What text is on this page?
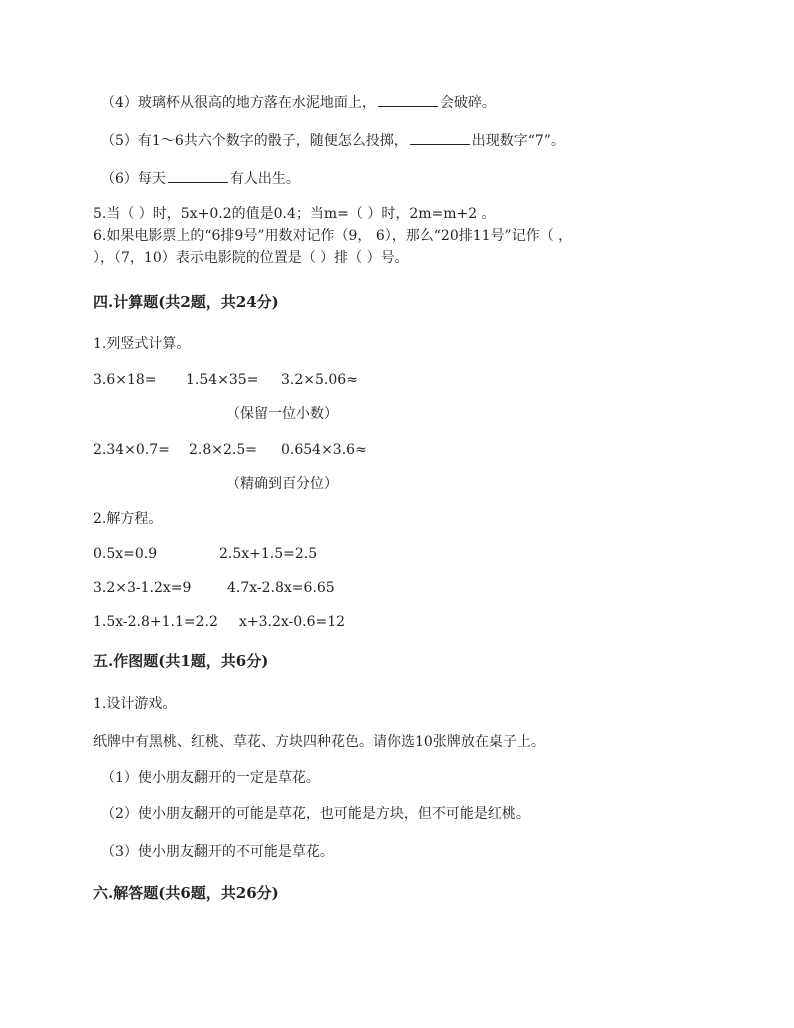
（4）玻璃杯从很高的地方落在水泥地面上，	会破碎。
（5）有1～6共六个数字的骰子，随便怎么投掷，	出现数字“7”。
（6）每天	有人出生。
5.当（ ）时，5x+0.2的值是0.4；当m=（ ）时，2m=m+2 。
6.如果电影票上的“6排9号”用数对记作（9， 6），那么“20排11号”记作（ ，
），（7，10）表示电影院的位置是（ ）排（ ）号。
四.计算题(共2题，共24分)
1.列竖式计算。
3.6×18= 1.54×35= 3.2×5.06≈
（保留一位小数）
2.34×0.7= 2.8×2.5= 0.654×3.6≈
（精确到百分位）
2.解方程。
0.5x=0.9	2.5x+1.5=2.5
3.2×3-1.2x=9	4.7x-2.8x=6.65
1.5x-2.8+1.1=2.2 x+3.2x-0.6=12
五.作图题(共1题，共6分)
1.设计游戏。
纸牌中有黑桃、红桃、草花、方块四种花色。请你选10张牌放在桌子上。
（1）使小朋友翻开的一定是草花。
（2）使小朋友翻开的可能是草花，也可能是方块，但不可能是红桃。
（3）使小朋友翻开的不可能是草花。
六.解答题(共6题，共26分)
